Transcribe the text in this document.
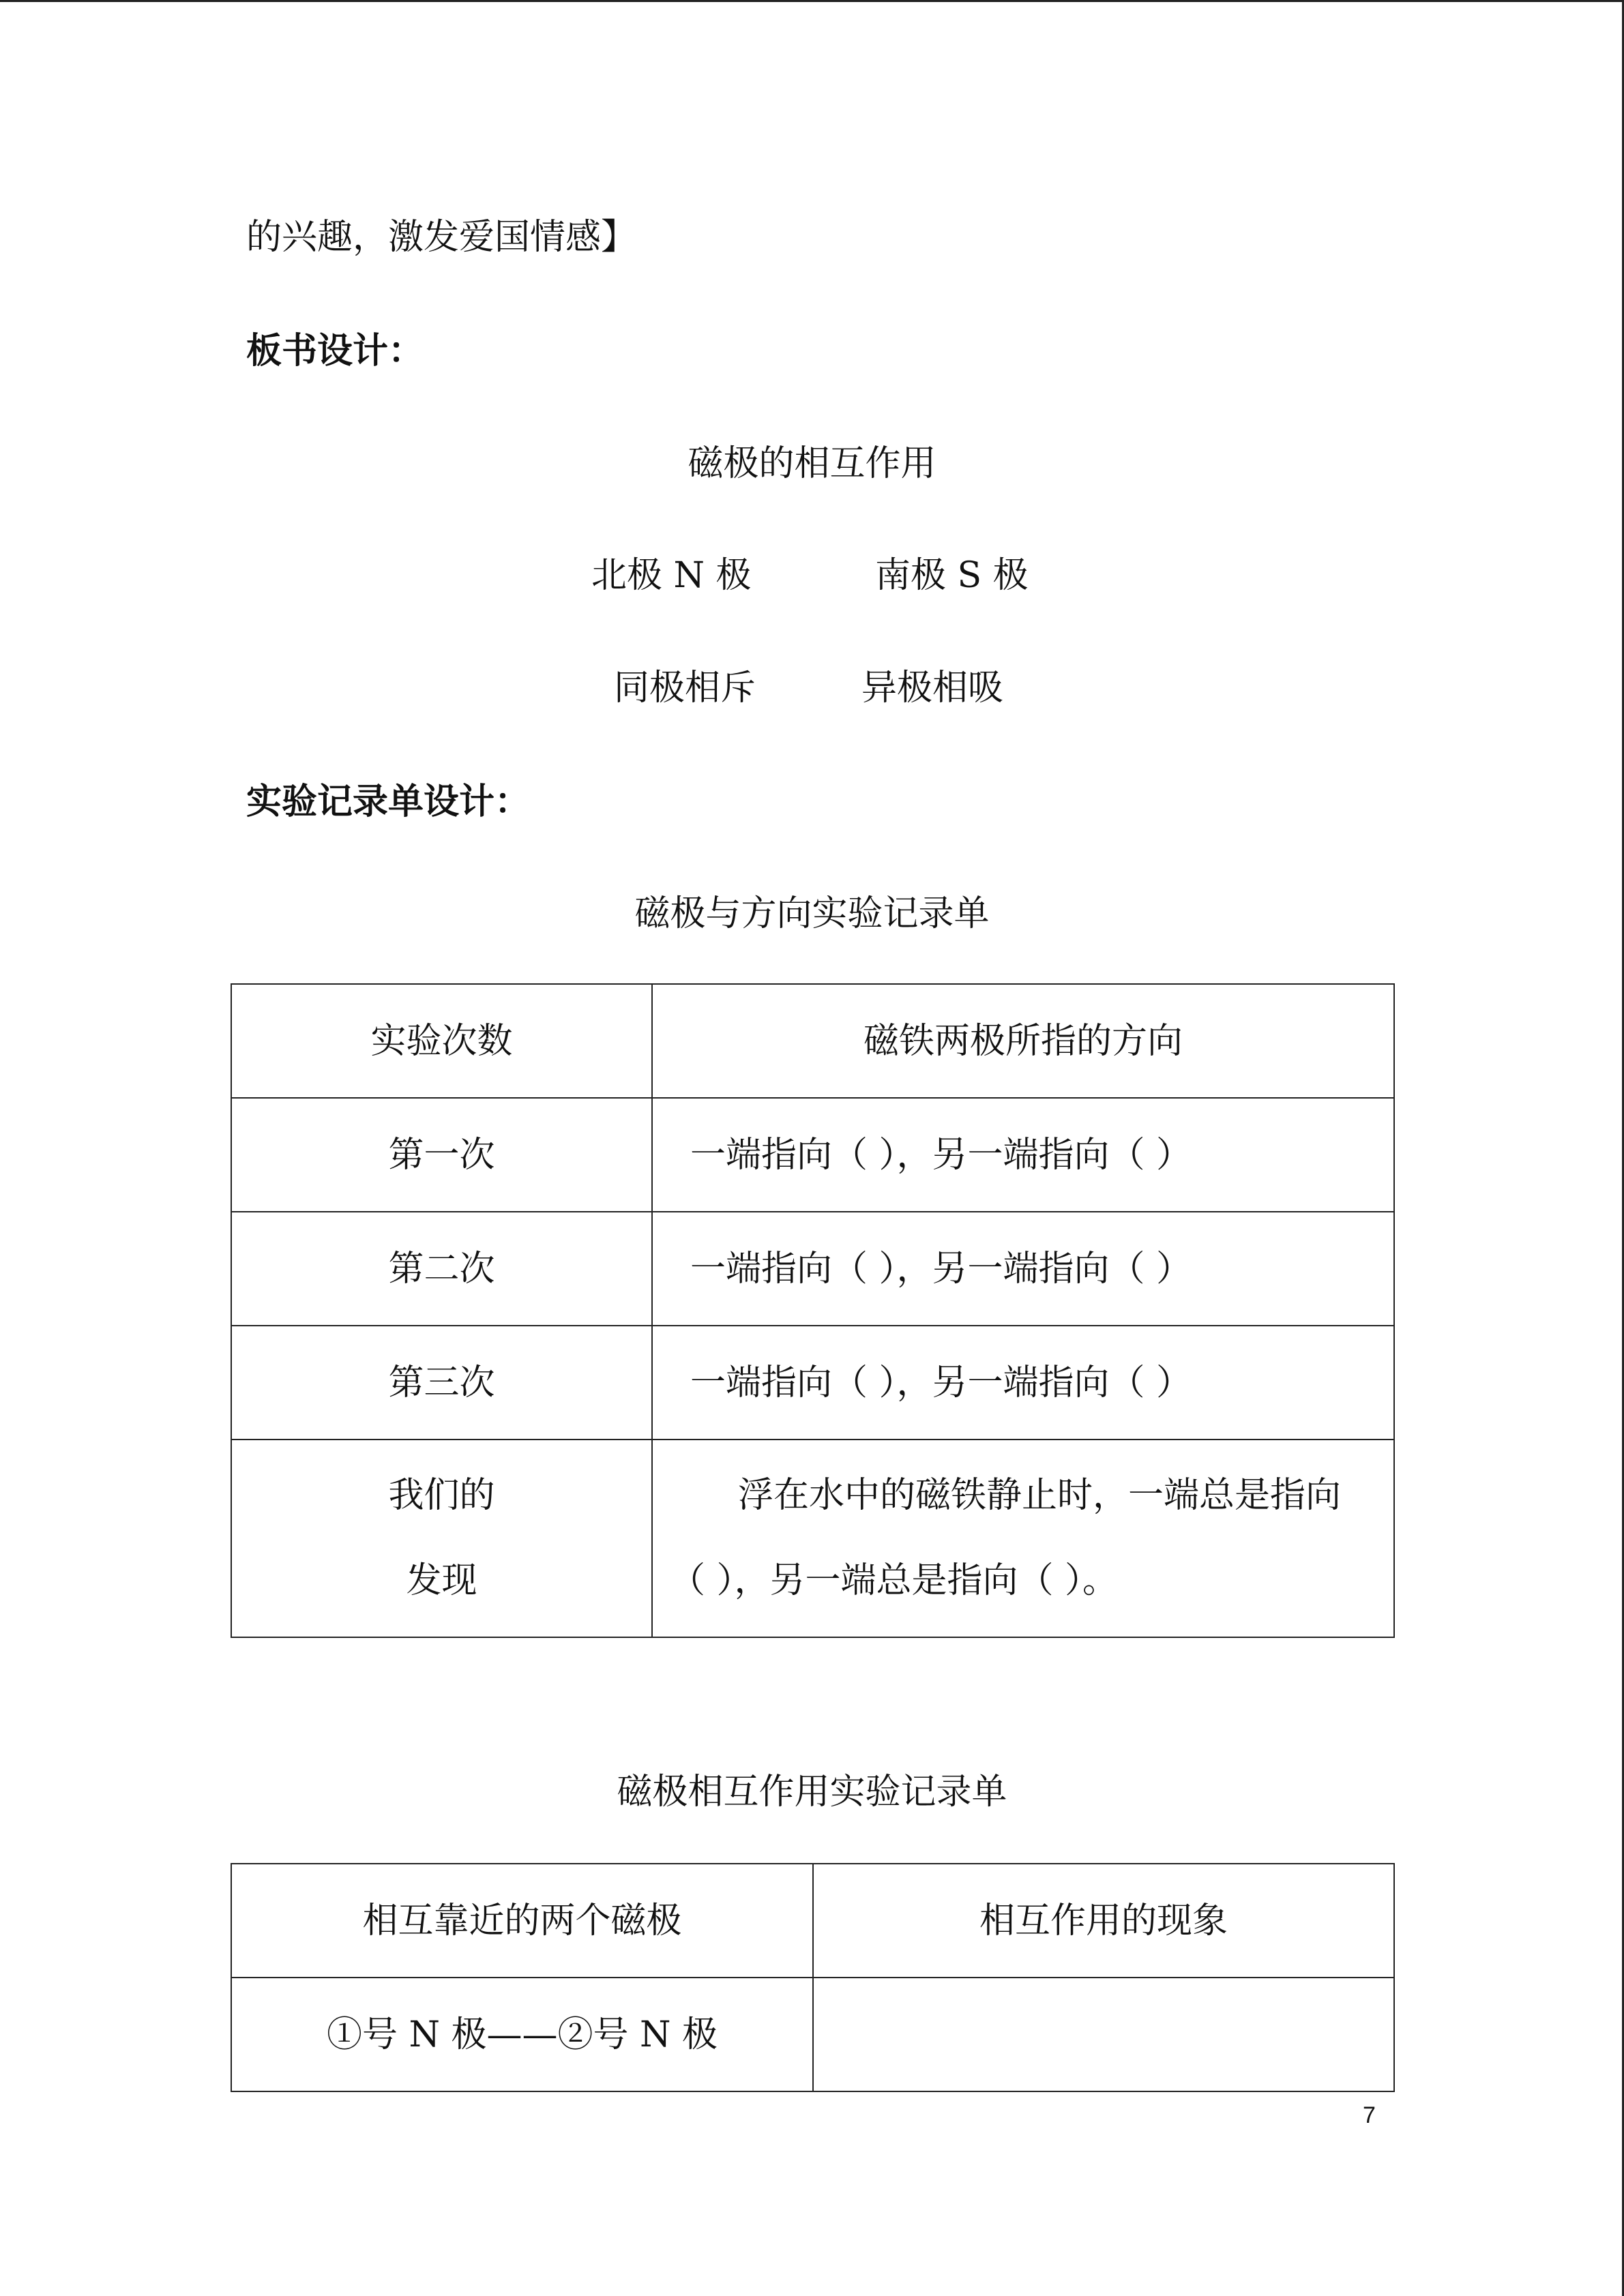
的兴趣，激发爱国情感】
板书设计：
磁极的相互作用
北极 N 极	南极 S 极
同极相斥	异极相吸
实验记录单设计：
磁极与方向实验记录单
实验次数	磁铁两极所指的方向
第一次	一端指向（ ），另一端指向（ ）
第二次	一端指向（ ），另一端指向（ ）
第三次	一端指向（ ），另一端指向（ ）

我们的
发现	浮在水中的磁铁静止时，一端总是指向（ ），另一端总是指向（ ）。
磁极相互作用实验记录单
相互靠近的两个磁极	相互作用的现象
①号 N 极——②号 N 极	
7
